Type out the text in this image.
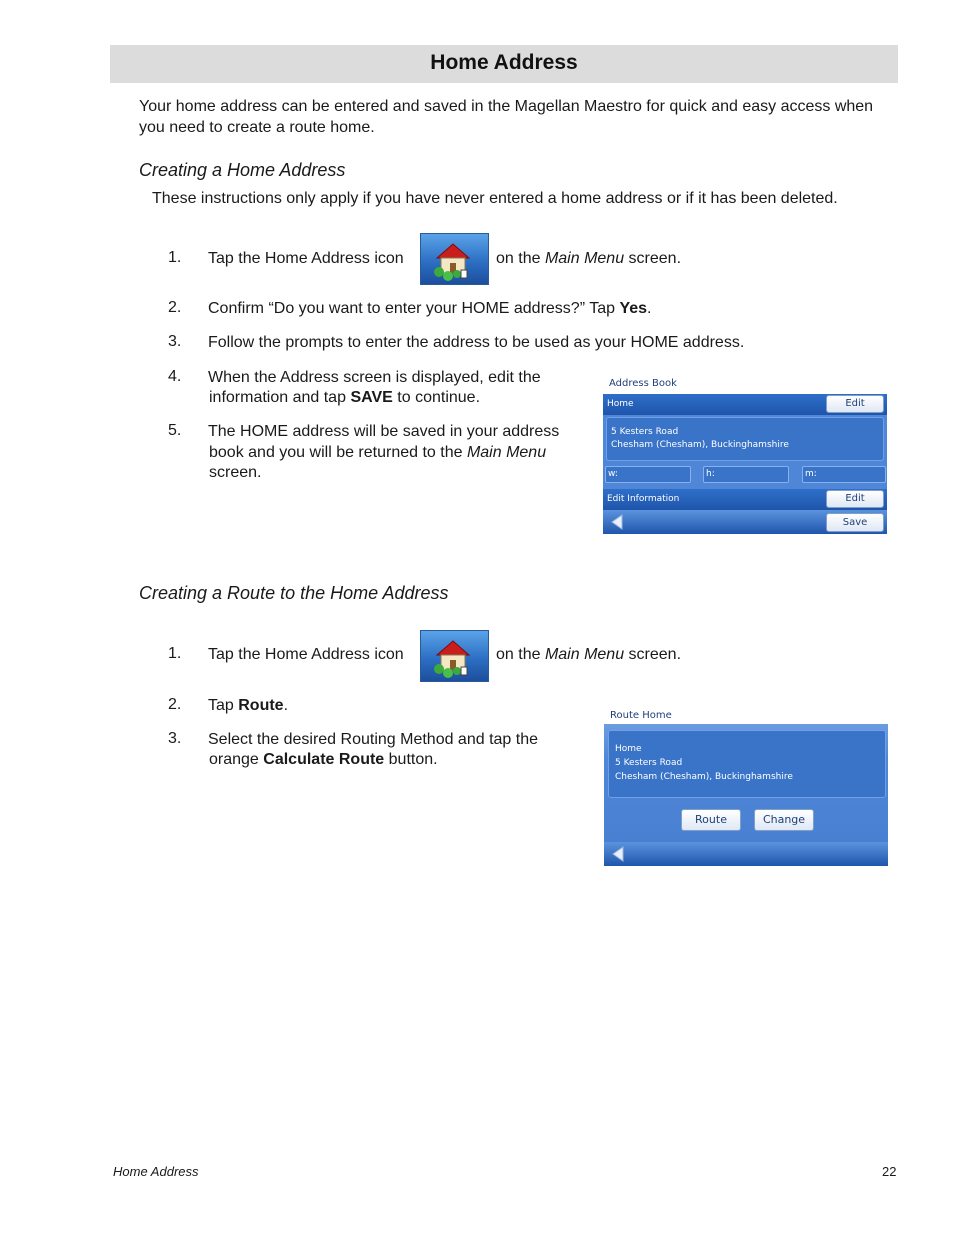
Home Address
Your home address can be entered and saved in the Magellan Maestro for quick and easy access when you need to create a route home.
Creating a Home Address
These instructions only apply if you have never entered a home address or if it has been deleted.
1. Tap the Home Address icon	on the Main Menu screen.
2. Confirm “Do you want to enter your HOME address?” Tap Yes.
3. Follow the prompts to enter the address to be used as your HOME address.
4. When the Address screen is displayed, edit the
information and tap SAVE to continue.
5. The HOME address will be saved in your address
book and you will be returned to the Main Menu
screen.
Address Book
Home	Edit
5 Kesters Road
Chesham (Chesham), Buckinghamshire
w:	h:	m:
Edit Information	Edit
Save
Creating a Route to the Home Address
1. Tap the Home Address icon	on the Main Menu screen.
2. Tap Route.
3. Select the desired Routing Method and tap the
orange Calculate Route button.
Route Home
Home
5 Kesters Road
Chesham (Chesham), Buckinghamshire
Route	Change
Home Address	22
